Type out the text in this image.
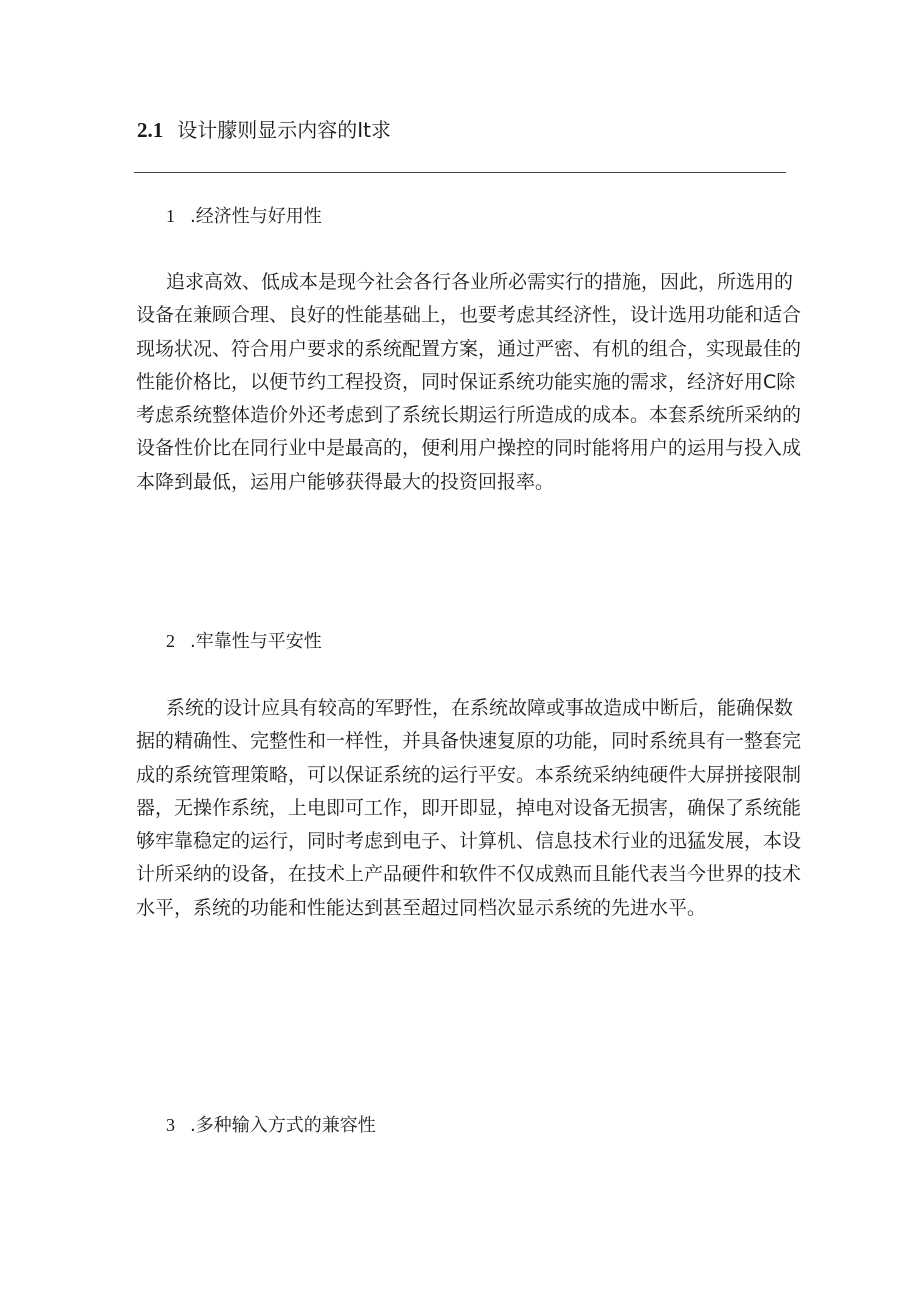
2.1 设计朦则显示内容的It求
1 .经济性与好用性
追求高效、低成本是现今社会各行各业所必需实行的措施，因此，所选用的
设备在兼顾合理、良好的性能基础上，也要考虑其经济性，设计选用功能和适合
现场状况、符合用户要求的系统配置方案，通过严密、有机的组合，实现最佳的
性能价格比，以便节约工程投资，同时保证系统功能实施的需求，经济好用C除
考虑系统整体造价外还考虑到了系统长期运行所造成的成本。本套系统所采纳的
设备性价比在同行业中是最高的，便利用户操控的同时能将用户的运用与投入成
本降到最低，运用户能够获得最大的投资回报率。
2 .牢靠性与平安性
系统的设计应具有较高的军野性，在系统故障或事故造成中断后，能确保数
据的精确性、完整性和一样性，并具备快速复原的功能，同时系统具有一整套完
成的系统管理策略，可以保证系统的运行平安。本系统采纳纯硬件大屏拼接限制
器，无操作系统，上电即可工作，即开即显，掉电对设备无损害，确保了系统能
够牢靠稳定的运行，同时考虑到电子、计算机、信息技术行业的迅猛发展，本设
计所采纳的设备，在技术上产品硬件和软件不仅成熟而且能代表当今世界的技术
水平，系统的功能和性能达到甚至超过同档次显示系统的先进水平。
3 .多种输入方式的兼容性
